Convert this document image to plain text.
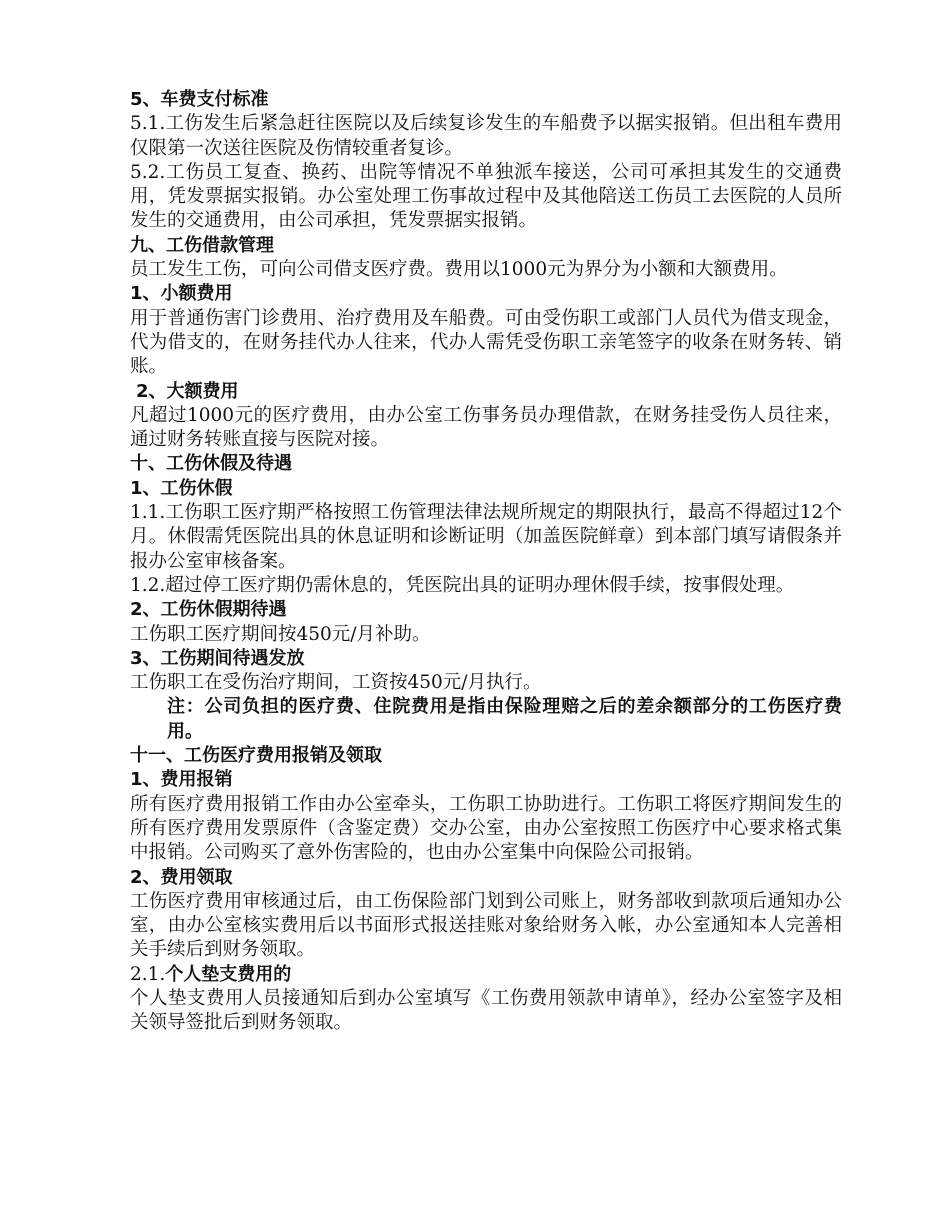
5、车费支付标准
5.1.工伤发生后紧急赶往医院以及后续复诊发生的车船费予以据实报销。但出租车费用仅限第一次送往医院及伤情较重者复诊。
5.2.工伤员工复查、换药、出院等情况不单独派车接送，公司可承担其发生的交通费用，凭发票据实报销。办公室处理工伤事故过程中及其他陪送工伤员工去医院的人员所发生的交通费用，由公司承担，凭发票据实报销。
九、工伤借款管理
员工发生工伤，可向公司借支医疗费。费用以1000元为界分为小额和大额费用。
1、小额费用
用于普通伤害门诊费用、治疗费用及车船费。可由受伤职工或部门人员代为借支现金，代为借支的，在财务挂代办人往来，代办人需凭受伤职工亲笔签字的收条在财务转、销账。
2、大额费用
凡超过1000元的医疗费用，由办公室工伤事务员办理借款，在财务挂受伤人员往来，通过财务转账直接与医院对接。
十、工伤休假及待遇
1、工伤休假
1.1.工伤职工医疗期严格按照工伤管理法律法规所规定的期限执行，最高不得超过12个月。休假需凭医院出具的休息证明和诊断证明（加盖医院鲜章）到本部门填写请假条并报办公室审核备案。
1.2.超过停工医疗期仍需休息的，凭医院出具的证明办理休假手续，按事假处理。
2、工伤休假期待遇
工伤职工医疗期间按450元/月补助。
3、工伤期间待遇发放
工伤职工在受伤治疗期间，工资按450元/月执行。
注：公司负担的医疗费、住院费用是指由保险理赔之后的差余额部分的工伤医疗费用。
十一、工伤医疗费用报销及领取
1、费用报销
所有医疗费用报销工作由办公室牵头，工伤职工协助进行。工伤职工将医疗期间发生的所有医疗费用发票原件（含鉴定费）交办公室，由办公室按照工伤医疗中心要求格式集中报销。公司购买了意外伤害险的，也由办公室集中向保险公司报销。
2、费用领取
工伤医疗费用审核通过后，由工伤保险部门划到公司账上，财务部收到款项后通知办公室，由办公室核实费用后以书面形式报送挂账对象给财务入帐，办公室通知本人完善相关手续后到财务领取。
2.1.个人垫支费用的
个人垫支费用人员接通知后到办公室填写《工伤费用领款申请单》，经办公室签字及相关领导签批后到财务领取。
